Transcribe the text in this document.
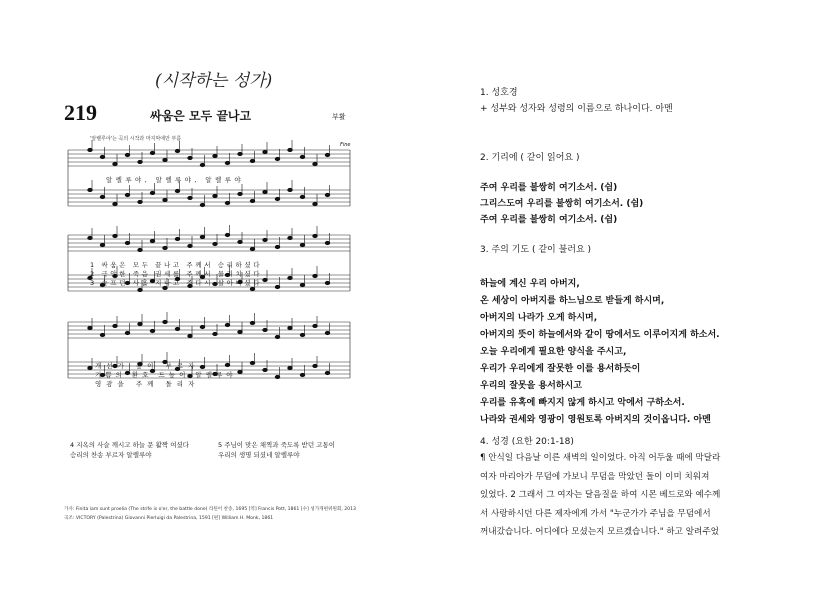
(시작하는 성가)
219	싸움은 모두 끝나고	부활
'알렐루야'는 곡의 시작과 마지막에만 부름
Fine
알렐루야, 알렐루야, 알렐루야
1 싸움은 모두 끝나고 주께서 승리하셨다
2 극악한 죽음 권세를 주께서 물리치셨다
3 슬프던 사흘 지나고 주다시 살아나셨다
개선가 높이 부르자
기쁨의 환호 드높이 알렐루야
영광을 주께 돌리자
4 지옥의 사슬 깨시고 하늘 문 활짝 여셨다
승리의 찬송 부르자 알렐루야
5 주님이 맞은 채찍과 죽도록 받던 고통이
우리의 생명 되셨네 알렐루야
가사: Finita iam sunt proelia (The strife is o'er, the battle done) 라틴어 찬송, 1695 [역] Francis Pott, 1861 [수] 성가개편위원회, 2013
곡조: VICTORY (Palestrina) Giovanni Pierluigi da Palestrina, 1591 [편] William H. Monk, 1861
1. 성호경
+ 성부와 성자와 성령의 이름으로 하나이다. 아멘
2. 기리에 ( 같이 읽어요 )
주여 우리를 불쌍히 여기소서. (쉼)
그리스도여 우리를 불쌍히 여기소서. (쉼)
주여 우리를 불쌍히 여기소서. (쉼)
3. 주의 기도 ( 같이 불러요 )
하늘에 계신 우리 아버지,
온 세상이 아버지를 하느님으로 받들게 하시며,
아버지의 나라가 오게 하시며,
아버지의 뜻이 하늘에서와 같이 땅에서도 이루어지게 하소서.
오늘 우리에게 필요한 양식을 주시고,
우리가 우리에게 잘못한 이를 용서하듯이
우리의 잘못을 용서하시고
우리를 유혹에 빠지지 않게 하시고 악에서 구하소서.
나라와 권세와 영광이 영원토록 아버지의 것이옵니다. 아멘
4. 성경 (요한 20:1-18)
¶ 안식일 다음날 이른 새벽의 일이었다. 아직 어두울 때에 막달라
여자 마리아가 무덤에 가보니 무덤을 막았던 돌이 이미 치워져
있었다. 2 그래서 그 여자는 달음질을 하여 시몬 베드로와 예수께
서 사랑하시던 다른 제자에게 가서 "누군가가 주님을 무덤에서
꺼내갔습니다. 어디에다 모셨는지 모르겠습니다." 하고 알려주었
